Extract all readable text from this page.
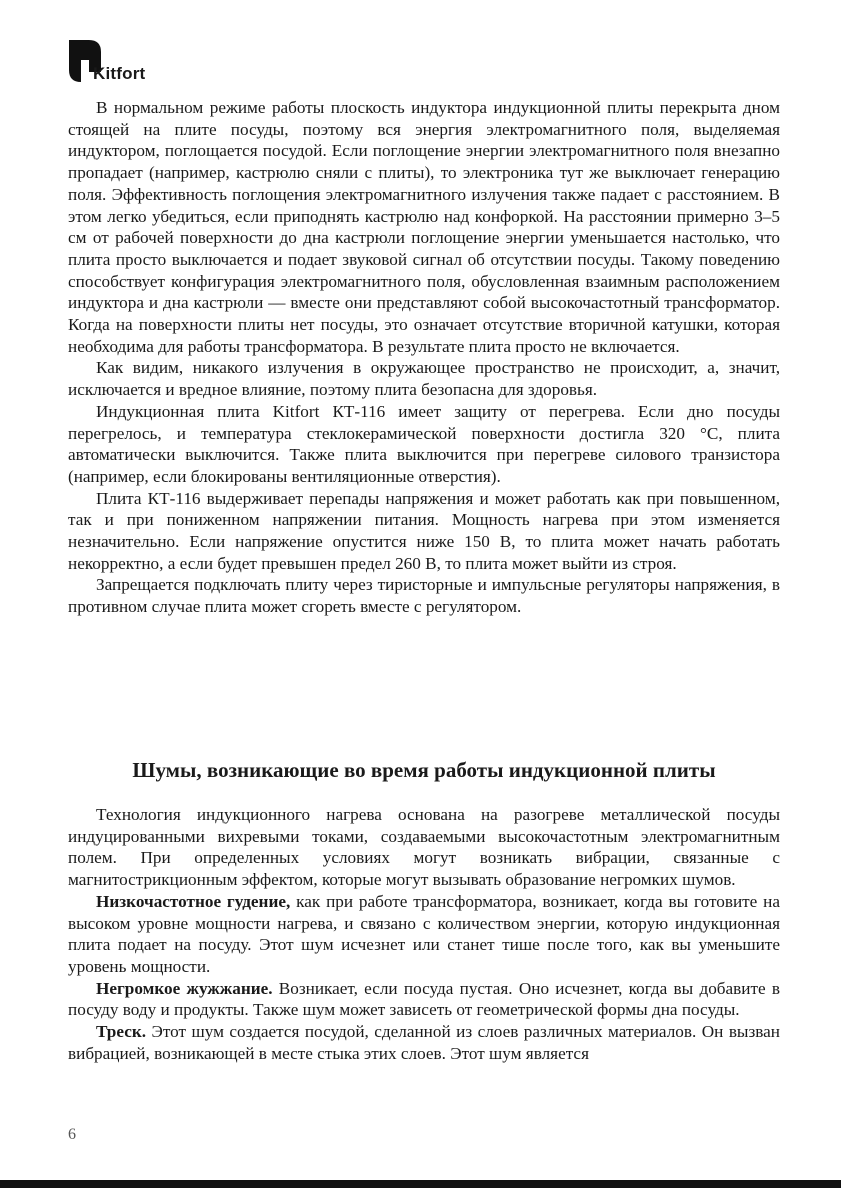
Kitfort

В нормальном режиме работы плоскость индуктора индукционной плиты перекрыта дном стоящей на плите посуды, поэтому вся энергия электромагнитного поля, выделяемая индуктором, поглощается посудой. Если поглощение энергии электромагнитного поля внезапно пропадает (например, кастрюлю сняли с плиты), то электроника тут же выключает генерацию поля. Эффективность поглощения электромагнитного излучения также падает с расстоянием. В этом легко убедиться, если приподнять кастрюлю над конфоркой. На расстоянии примерно 3–5 см от рабочей поверхности до дна кастрюли поглощение энергии уменьшается настолько, что плита просто выключается и подает звуковой сигнал об отсутствии посуды. Такому поведению способствует конфигурация электромагнитного поля, обусловленная взаимным расположением индуктора и дна кастрюли — вместе они представляют собой высокочастотный трансформатор. Когда на поверхности плиты нет посуды, это означает отсутствие вторичной катушки, которая необходима для работы трансформатора. В результате плита просто не включается.

Как видим, никакого излучения в окружающее пространство не происходит, а, значит, исключается и вредное влияние, поэтому плита безопасна для здоровья.

Индукционная плита Kitfort КТ-116 имеет защиту от перегрева. Если дно посуды перегрелось, и температура стеклокерамической поверхности достигла 320 °С, плита автоматически выключится. Также плита выключится при перегреве силового транзистора (например, если блокированы вентиляционные отверстия).

Плита КТ-116 выдерживает перепады напряжения и может работать как при повышенном, так и при пониженном напряжении питания. Мощность нагрева при этом изменяется незначительно. Если напряжение опустится ниже 150 В, то плита может начать работать некорректно, а если будет превышен предел 260 В, то плита может выйти из строя.

Запрещается подключать плиту через тиристорные и импульсные регуляторы напряжения, в противном случае плита может сгореть вместе с регулятором.

Шумы, возникающие во время работы индукционной плиты

Технология индукционного нагрева основана на разогреве металлической посуды индуцированными вихревыми токами, создаваемыми высокочастотным электромагнитным полем. При определенных условиях могут возникать вибрации, связанные с магнитострикционным эффектом, которые могут вызывать образование негромких шумов.

Низкочастотное гудение, как при работе трансформатора, возникает, когда вы готовите на высоком уровне мощности нагрева, и связано с количеством энергии, которую индукционная плита подает на посуду. Этот шум исчезнет или станет тише после того, как вы уменьшите уровень мощности.

Негромкое жужжание. Возникает, если посуда пустая. Оно исчезнет, когда вы добавите в посуду воду и продукты. Также шум может зависеть от геометрической формы дна посуды.

Треск. Этот шум создается посудой, сделанной из слоев различных материалов. Он вызван вибрацией, возникающей в месте стыка этих слоев. Этот шум является

6
